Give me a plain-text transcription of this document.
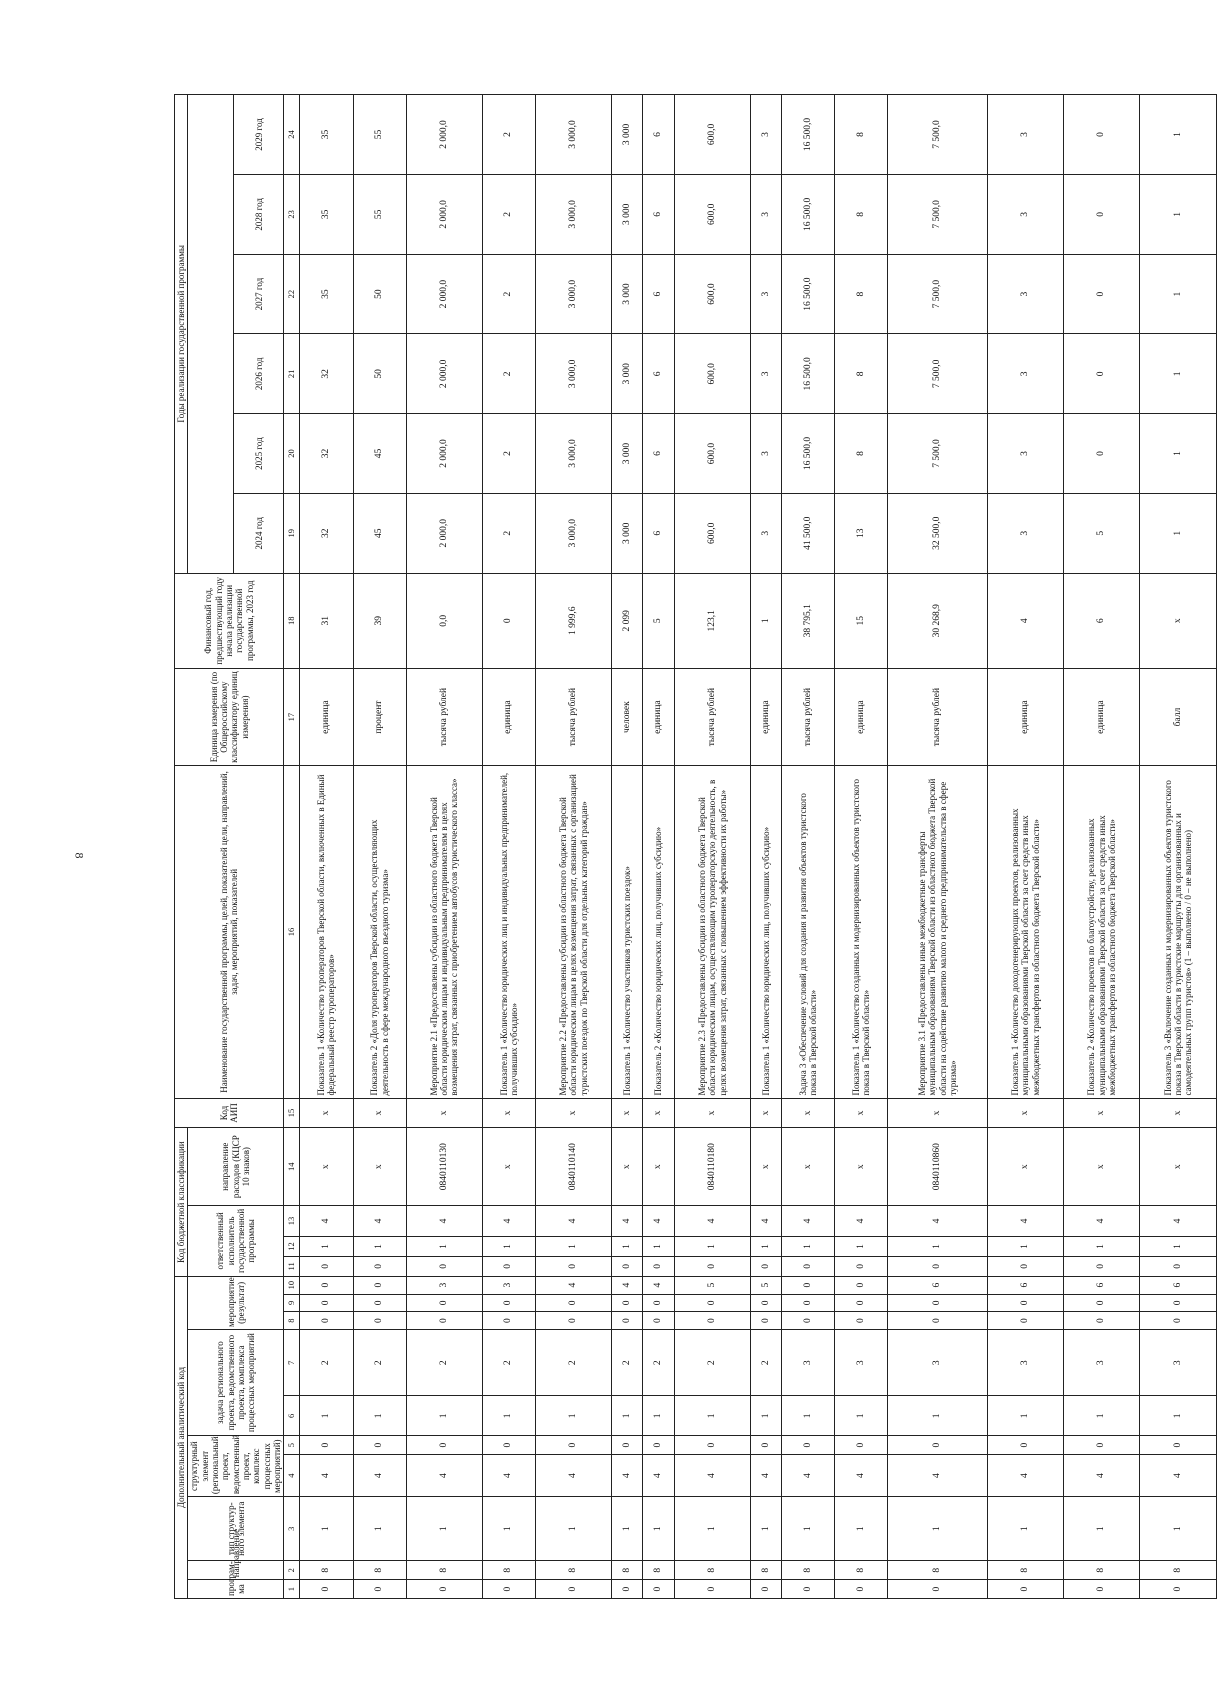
8
Дополнительный аналитический код										Код бюджетной классификации				Код АИП	Наименование государственной программы, целей, показателей цели, направлений, задач, мероприятий, показателей	Единица измерения (по Общероссийскому классификатору единиц измерения)	Финансовый год, предшествующий году начала реализации государственной программы, 2023 год	Годы реализации государственной программы					
програм-ма	направление	тип структур-ного элемента	структурный элемент (региональный проект, ведомственный проект, комплекс процессных мероприятий)		задача регионального проекта, ведомственного проекта, комплекса процессных мероприятий		мероприятие (результат)			ответственный исполнитель государственной программы			направление расходов (КЦСР 10 знаков)										
																		2024 год	2025 год	2026 год	2027 год	2028 год	2029 год
1	2	3	4	5	6	7	8	9	10	11	12	13	14	15	16	17	18	19	20	21	22	23	24
0	8	1	4	0	1	2	0	0	0	0	1	4	x	x	Показатель 1 «Количество туроператоров Тверской области, включенных в Единый федеральный реестр туроператоров»	единица	31	32	32	32	35	35	35
0	8	1	4	0	1	2	0	0	0	0	1	4	x	x	Показатель 2 «Доля туроператоров Тверской области, осуществляющих деятельность в сфере международного въездного туризма»	процент	39	45	45	50	50	55	55
0	8	1	4	0	1	2	0	0	3	0	1	4	0840110130	x	Мероприятие 2.1 «Предоставлены субсидии из областного бюджета Тверской области юридическим лицам и индивидуальным предпринимателям в целях возмещения затрат, связанных с приобретением автобусов туристического класса»	тысяча рублей	0,0	2 000,0	2 000,0	2 000,0	2 000,0	2 000,0	2 000,0
0	8	1	4	0	1	2	0	0	3	0	1	4	x	x	Показатель 1 «Количество юридических лиц и индивидуальных предпринимателей, получивших субсидию»	единица	0	2	2	2	2	2	2
0	8	1	4	0	1	2	0	0	4	0	1	4	0840110140	x	Мероприятие 2.2 «Предоставлены субсидии из областного бюджета Тверской области юридическим лицам в целях возмещения затрат, связанных с организацией туристских поездок по Тверской области для отдельных категорий граждан»	тысяча рублей	1 999,6	3 000,0	3 000,0	3 000,0	3 000,0	3 000,0	3 000,0
0	8	1	4	0	1	2	0	0	4	0	1	4	x	x	Показатель 1 «Количество участников туристских поездок»	человек	2 099	3 000	3 000	3 000	3 000	3 000	3 000
0	8	1	4	0	1	2	0	0	4	0	1	4	x	x	Показатель 2 «Количество юридических лиц, получивших субсидию»	единица	5	6	6	6	6	6	6
0	8	1	4	0	1	2	0	0	5	0	1	4	0840110180	x	Мероприятие 2.3 «Предоставлены субсидии из областного бюджета Тверской области юридическим лицам, осуществляющим туроператорскую деятельность, в целях возмещения затрат, связанных с повышением эффективности их работы»	тысяча рублей	123,1	600,0	600,0	600,0	600,0	600,0	600,0
0	8	1	4	0	1	2	0	0	5	0	1	4	x	x	Показатель 1 «Количество юридических лиц, получивших субсидию»	единица	1	3	3	3	3	3	3
0	8	1	4	0	1	3	0	0	0	0	1	4	x	x	Задача 3 «Обеспечение условий для создания и развития объектов туристского показа в Тверской области»	тысяча рублей	38 795,1	41 500,0	16 500,0	16 500,0	16 500,0	16 500,0	16 500,0
0	8	1	4	0	1	3	0	0	0	0	1	4	x	x	Показатель 1 «Количество созданных и модернизированных объектов туристского показа в Тверской области»	единица	15	13	8	8	8	8	8
0	8	1	4	0	1	3	0	0	6	0	1	4	0840110860	x	Мероприятие 3.1 «Предоставлены иные межбюджетные трансферты муниципальным образованиям Тверской области из областного бюджета Тверской области на содействие развитию малого и среднего предпринимательства в сфере туризма»	тысяча рублей	30 268,9	32 500,0	7 500,0	7 500,0	7 500,0	7 500,0	7 500,0
0	8	1	4	0	1	3	0	0	6	0	1	4	x	x	Показатель 1 «Количество доходогенерирующих проектов, реализованных муниципальными образованиями Тверской области за счет средств иных межбюджетных трансфертов из областного бюджета Тверской области»	единица	4	3	3	3	3	3	3
0	8	1	4	0	1	3	0	0	6	0	1	4	x	x	Показатель 2 «Количество проектов по благоустройству, реализованных муниципальными образованиями Тверской области за счет средств иных межбюджетных трансфертов из областного бюджета Тверской области»	единица	6	5	0	0	0	0	0
0	8	1	4	0	1	3	0	0	6	0	1	4	x	x	Показатель 3 «Включение созданных и модернизированных объектов туристского показа в Тверской области в туристские маршруты для организованных и самодеятельных групп туристов» (1 – выполнено / 0 – не выполнено)	балл	x	1	1	1	1	1	1
